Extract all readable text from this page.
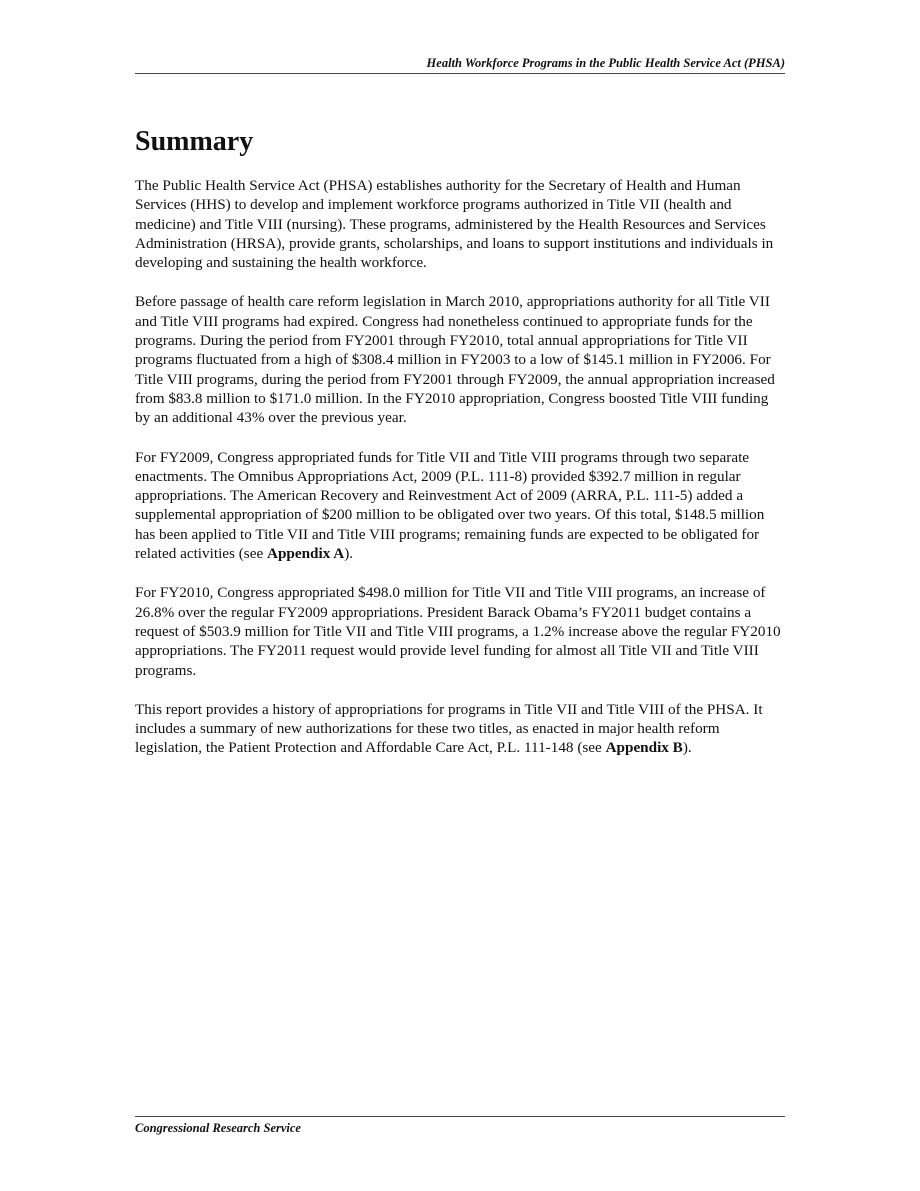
Health Workforce Programs in the Public Health Service Act (PHSA)
Summary

The Public Health Service Act (PHSA) establishes authority for the Secretary of Health and Human Services (HHS) to develop and implement workforce programs authorized in Title VII (health and medicine) and Title VIII (nursing). These programs, administered by the Health Resources and Services Administration (HRSA), provide grants, scholarships, and loans to support institutions and individuals in developing and sustaining the health workforce.

Before passage of health care reform legislation in March 2010, appropriations authority for all Title VII and Title VIII programs had expired. Congress had nonetheless continued to appropriate funds for the programs. During the period from FY2001 through FY2010, total annual appropriations for Title VII programs fluctuated from a high of $308.4 million in FY2003 to a low of $145.1 million in FY2006. For Title VIII programs, during the period from FY2001 through FY2009, the annual appropriation increased from $83.8 million to $171.0 million. In the FY2010 appropriation, Congress boosted Title VIII funding by an additional 43% over the previous year.

For FY2009, Congress appropriated funds for Title VII and Title VIII programs through two separate enactments. The Omnibus Appropriations Act, 2009 (P.L. 111-8) provided $392.7 million in regular appropriations. The American Recovery and Reinvestment Act of 2009 (ARRA, P.L. 111-5) added a supplemental appropriation of $200 million to be obligated over two years. Of this total, $148.5 million has been applied to Title VII and Title VIII programs; remaining funds are expected to be obligated for related activities (see Appendix A).

For FY2010, Congress appropriated $498.0 million for Title VII and Title VIII programs, an increase of 26.8% over the regular FY2009 appropriations. President Barack Obama’s FY2011 budget contains a request of $503.9 million for Title VII and Title VIII programs, a 1.2% increase above the regular FY2010 appropriations. The FY2011 request would provide level funding for almost all Title VII and Title VIII programs.

This report provides a history of appropriations for programs in Title VII and Title VIII of the PHSA. It includes a summary of new authorizations for these two titles, as enacted in major health reform legislation, the Patient Protection and Affordable Care Act, P.L. 111-148 (see Appendix B).

Congressional Research Service
